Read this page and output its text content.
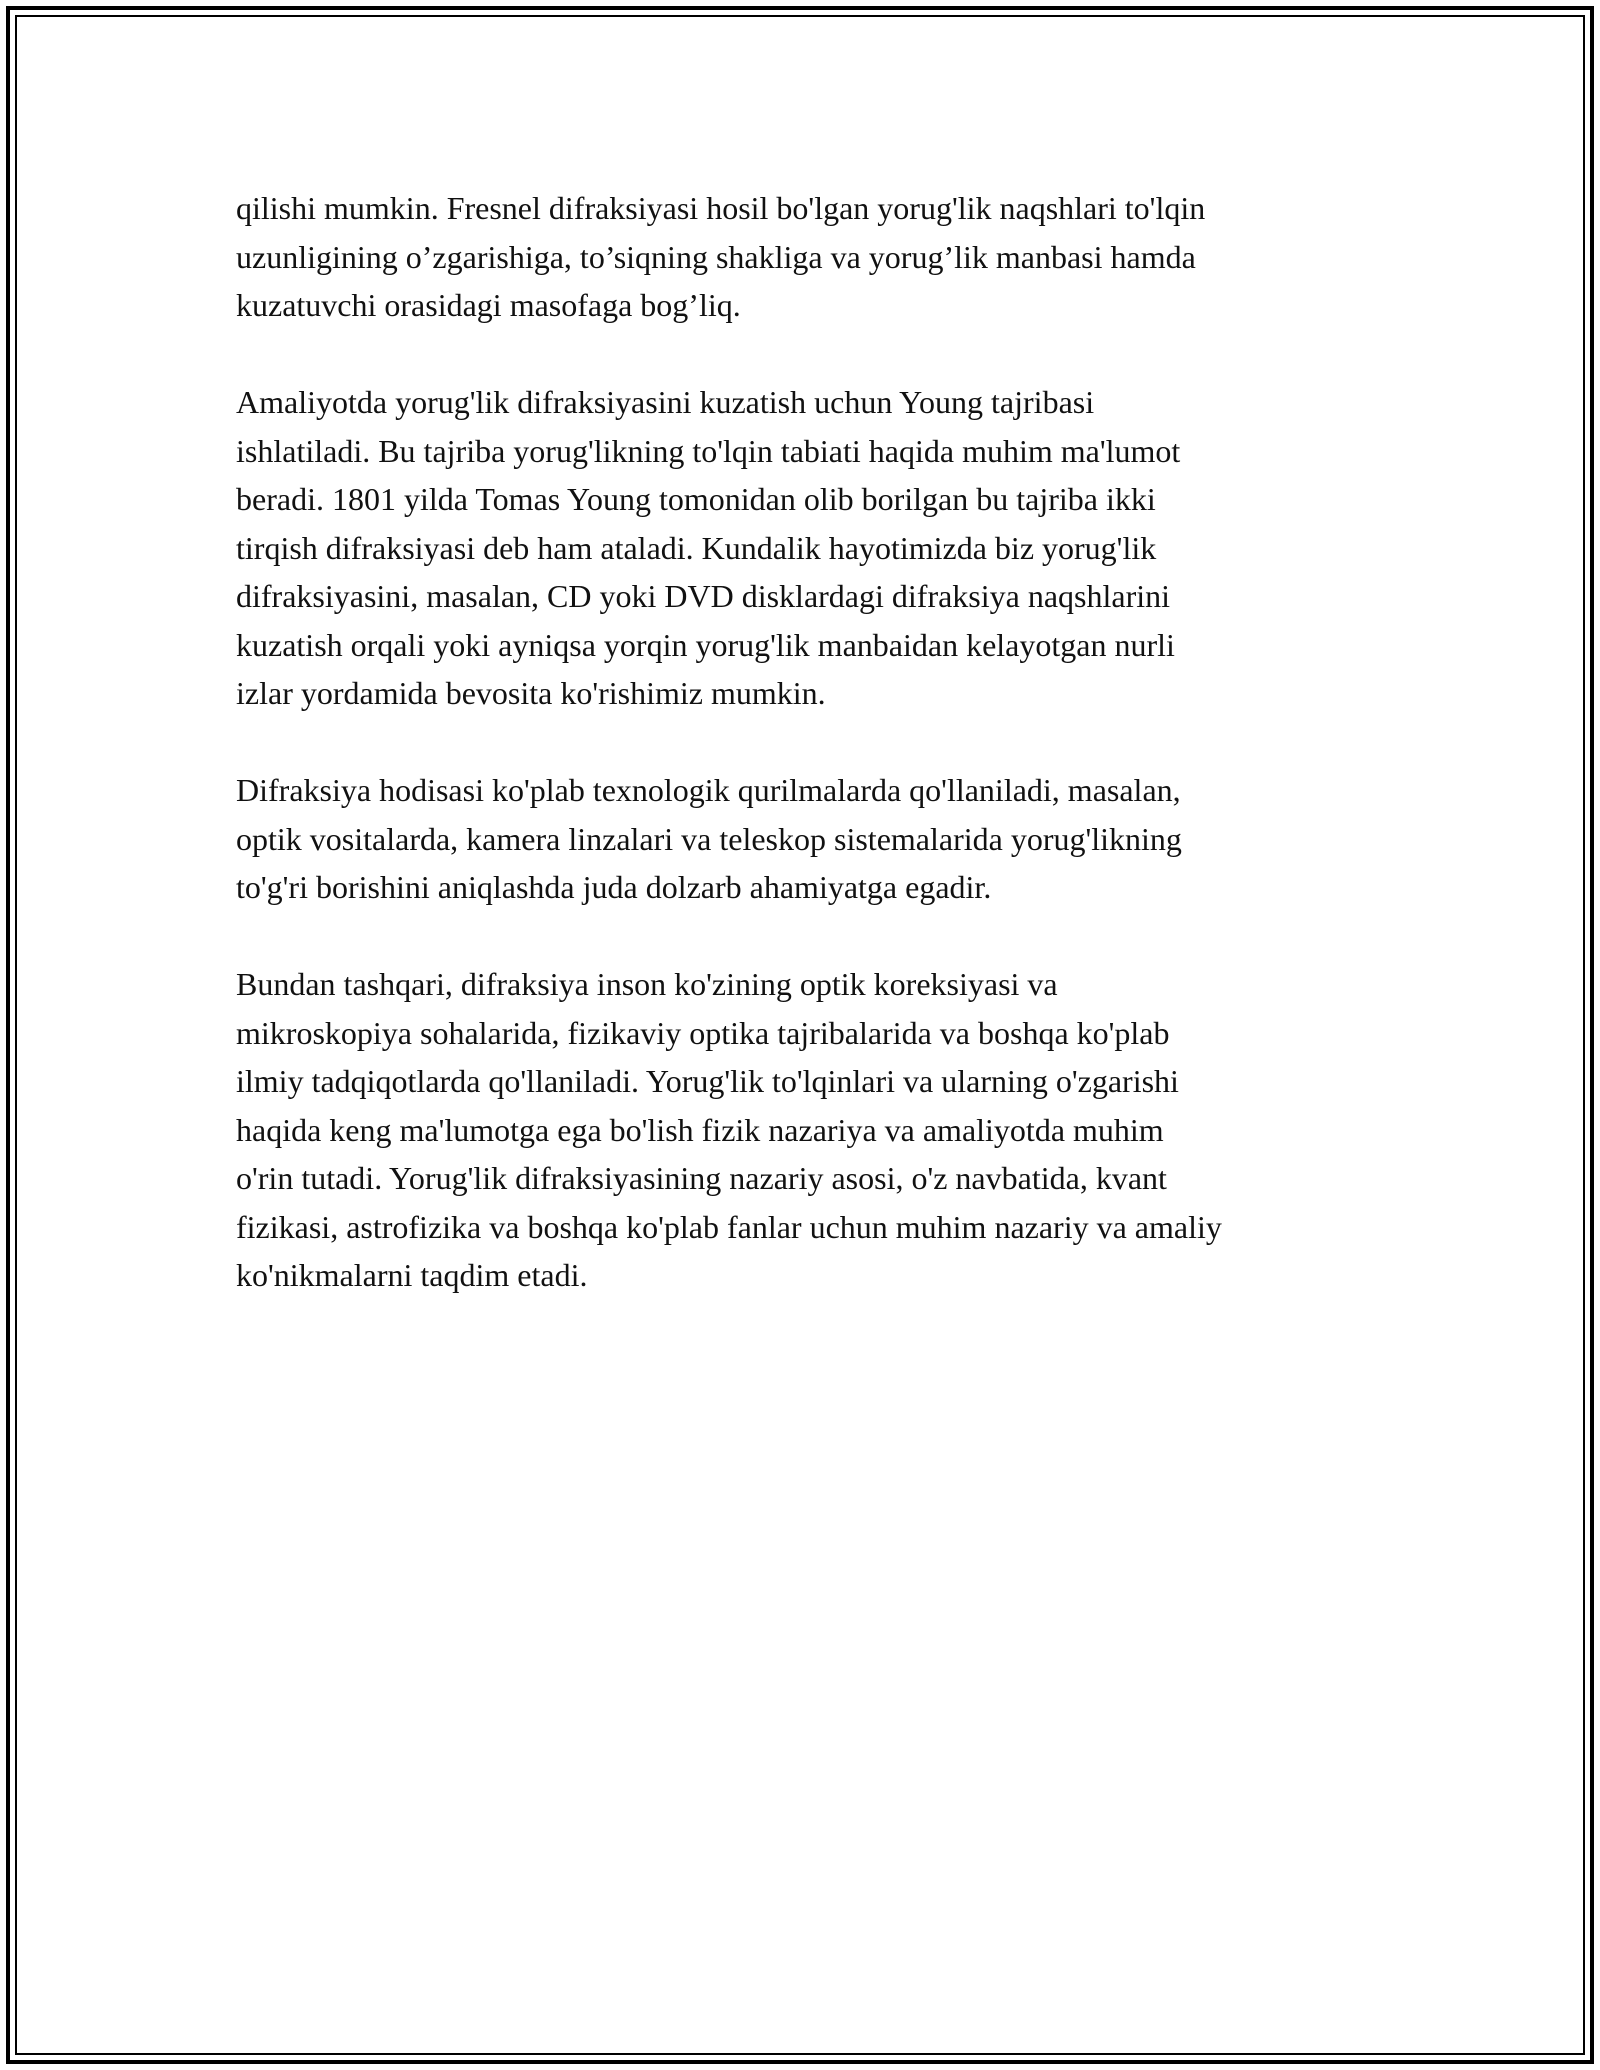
qilishi mumkin. Fresnel difraksiyasi hosil bo'lgan yorug'lik naqshlari to'lqin
uzunligining o’zgarishiga, to’siqning shakliga va yorug’lik manbasi hamda
kuzatuvchi orasidagi masofaga bog’liq.

Amaliyotda yorug'lik difraksiyasini kuzatish uchun Young tajribasi
ishlatiladi. Bu tajriba yorug'likning to'lqin tabiati haqida muhim ma'lumot
beradi. 1801 yilda Tomas Young tomonidan olib borilgan bu tajriba ikki
tirqish difraksiyasi deb ham ataladi. Kundalik hayotimizda biz yorug'lik
difraksiyasini, masalan, CD yoki DVD disklardagi difraksiya naqshlarini
kuzatish orqali yoki ayniqsa yorqin yorug'lik manbaidan kelayotgan nurli
izlar yordamida bevosita ko'rishimiz mumkin.

Difraksiya hodisasi ko'plab texnologik qurilmalarda qo'llaniladi, masalan,
optik vositalarda, kamera linzalari va teleskop sistemalarida yorug'likning
to'g'ri borishini aniqlashda juda dolzarb ahamiyatga egadir.

Bundan tashqari, difraksiya inson ko'zining optik koreksiyasi va
mikroskopiya sohalarida, fizikaviy optika tajribalarida va boshqa ko'plab
ilmiy tadqiqotlarda qo'llaniladi. Yorug'lik to'lqinlari va ularning o'zgarishi
haqida keng ma'lumotga ega bo'lish fizik nazariya va amaliyotda muhim
o'rin tutadi. Yorug'lik difraksiyasining nazariy asosi, o'z navbatida, kvant
fizikasi, astrofizika va boshqa ko'plab fanlar uchun muhim nazariy va amaliy
ko'nikmalarni taqdim etadi.
